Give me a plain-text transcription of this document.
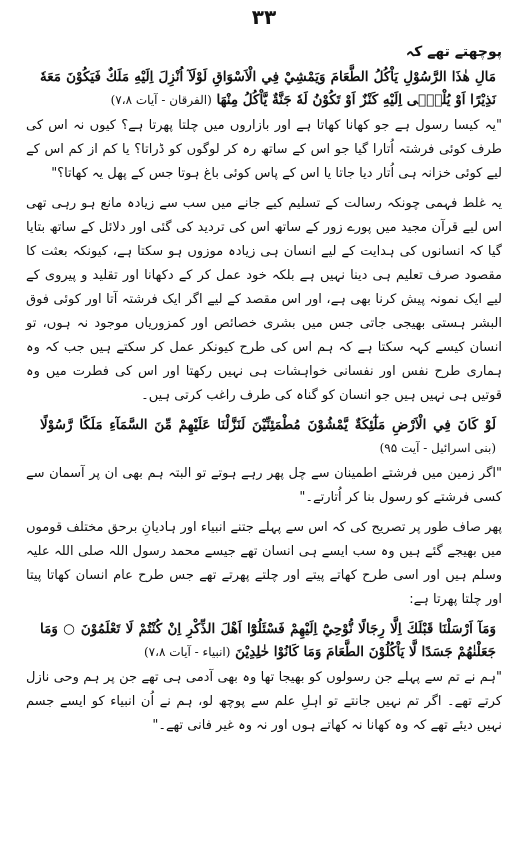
۳۳
پوچھتے تھے کہ

مَالِ هٰذَا الرَّسُوْلِ يَاْكُلُ الطَّعَامَ وَيَمْشِيْ فِي الْاَسْوَاقِ لَوْلَآ اُنْزِلَ اِلَيْهِ مَلَكٌ فَيَكُوْنَ مَعَهٗ نَذِيْرًا اَوْ يُلْقٰۤى اِلَيْهِ كَنْزٌ اَوْ تَكُوْنُ لَهٗ جَنَّةٌ يَّاْكُلُ مِنْهَا (الفرقان - آیات ۷،۸)

"یہ کیسا رسول ہے جو کھانا کھاتا ہے اور بازاروں میں چلتا پھرتا ہے؟ کیوں نہ اس کی طرف کوئی فرشتہ اُتارا گیا جو اس کے ساتھ رہ کر لوگوں کو ڈراتا؟ یا کم از کم اس کے لیے کوئی خزانہ ہی اُتار دیا جاتا یا اس کے پاس کوئی باغ ہوتا جس کے پھل یہ کھاتا؟"

یہ غلط فہمی چونکہ رسالت کے تسلیم کیے جانے میں سب سے زیادہ مانع ہو رہی تھی اس لیے قرآن مجید میں پورے زور کے ساتھ اس کی تردید کی گئی اور دلائل کے ساتھ بتایا گیا کہ انسانوں کی ہدایت کے لیے انسان ہی زیادہ موزوں ہو سکتا ہے، کیونکہ بعثت کا مقصود صرف تعلیم ہی دینا نہیں ہے بلکہ خود عمل کر کے دکھانا اور تقلید و پیروی کے لیے ایک نمونہ پیش کرنا بھی ہے، اور اس مقصد کے لیے اگر ایک فرشتہ آتا اور کوئی فوق البشر ہستی بھیجی جاتی جس میں بشری خصائص اور کمزوریاں موجود نہ ہوں، تو انسان کیسے کہہ سکتا ہے کہ ہم اس کی طرح کیونکر عمل کر سکتے ہیں جب کہ وہ ہماری طرح نفس اور نفسانی خواہشات ہی نہیں رکھتا اور اس کی فطرت میں وہ قوتیں ہی نہیں ہیں جو انسان کو گناہ کی طرف راغب کرتی ہیں۔

لَوْ كَانَ فِي الْاَرْضِ مَلٰٓئِكَةٌ يَّمْشُوْنَ مُطْمَئِنِّيْنَ لَنَزَّلْنَا عَلَيْهِمْ مِّنَ السَّمَآءِ مَلَكًا رَّسُوْلًا (بنی اسرائیل - آیت ۹۵)

"اگر زمین میں فرشتے اطمینان سے چل پھر رہے ہوتے تو البتہ ہم بھی ان پر آسمان سے کسی فرشتے کو رسول بنا کر اُتارتے۔"

پھر صاف طور پر تصریح کی کہ اس سے پہلے جتنے انبیاء اور ہادیانِ برحق مختلف قوموں میں بھیجے گئے ہیں وہ سب ایسے ہی انسان تھے جیسے محمد رسول اللہ صلی اللہ علیہ وسلم ہیں اور اسی طرح کھاتے پیتے اور چلتے پھرتے تھے جس طرح عام انسان کھاتا پیتا اور چلتا پھرتا ہے:

وَمَآ اَرْسَلْنَا قَبْلَكَ اِلَّا رِجَالًا نُّوْحِيْٓ اِلَيْهِمْ فَسْئَلُوْٓا اَهْلَ الذِّكْرِ اِنْ كُنْتُمْ لَا تَعْلَمُوْنَ ○ وَمَا جَعَلْنٰهُمْ جَسَدًا لَّا يَاْكُلُوْنَ الطَّعَامَ وَمَا كَانُوْا خٰلِدِيْنَ (انبیاء - آیات ۷،۸)

"ہم نے تم سے پہلے جن رسولوں کو بھیجا تھا وہ بھی آدمی ہی تھے جن پر ہم وحی نازل کرتے تھے۔ اگر تم نہیں جانتے تو اہلِ علم سے پوچھ لو، ہم نے اُن انبیاء کو ایسے جسم نہیں دیئے تھے کہ وہ کھانا نہ کھاتے ہوں اور نہ وہ غیر فانی تھے۔"
